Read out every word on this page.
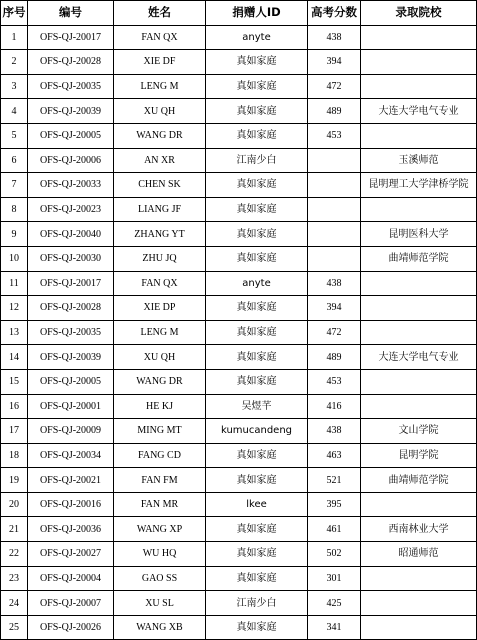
序号	编号	姓名	捐赠人ID	高考分数	录取院校
1	OFS-QJ-20017	FAN QX	anyte	438	
2	OFS-QJ-20028	XIE DF	真如家庭	394	
3	OFS-QJ-20035	LENG M	真如家庭	472	
4	OFS-QJ-20039	XU QH	真如家庭	489	大连大学电气专业
5	OFS-QJ-20005	WANG DR	真如家庭	453	
6	OFS-QJ-20006	AN XR	江南少白		玉溪师范
7	OFS-QJ-20033	CHEN SK	真如家庭		昆明理工大学津桥学院
8	OFS-QJ-20023	LIANG JF	真如家庭		
9	OFS-QJ-20040	ZHANG YT	真如家庭		昆明医科大学
10	OFS-QJ-20030	ZHU JQ	真如家庭		曲靖师范学院
11	OFS-QJ-20017	FAN QX	anyte	438	
12	OFS-QJ-20028	XIE DP	真如家庭	394	
13	OFS-QJ-20035	LENG M	真如家庭	472	
14	OFS-QJ-20039	XU QH	真如家庭	489	大连大学电气专业
15	OFS-QJ-20005	WANG DR	真如家庭	453	
16	OFS-QJ-20001	HE KJ	吴煜芊	416	
17	OFS-QJ-20009	MING MT	kumucandeng	438	文山学院
18	OFS-QJ-20034	FANG CD	真如家庭	463	昆明学院
19	OFS-QJ-20021	FAN FM	真如家庭	521	曲靖师范学院
20	OFS-QJ-20016	FAN MR	lkee	395	
21	OFS-QJ-20036	WANG XP	真如家庭	461	西南林业大学
22	OFS-QJ-20027	WU HQ	真如家庭	502	昭通师范
23	OFS-QJ-20004	GAO SS	真如家庭	301	
24	OFS-QJ-20007	XU SL	江南少白	425	
25	OFS-QJ-20026	WANG XB	真如家庭	341	
